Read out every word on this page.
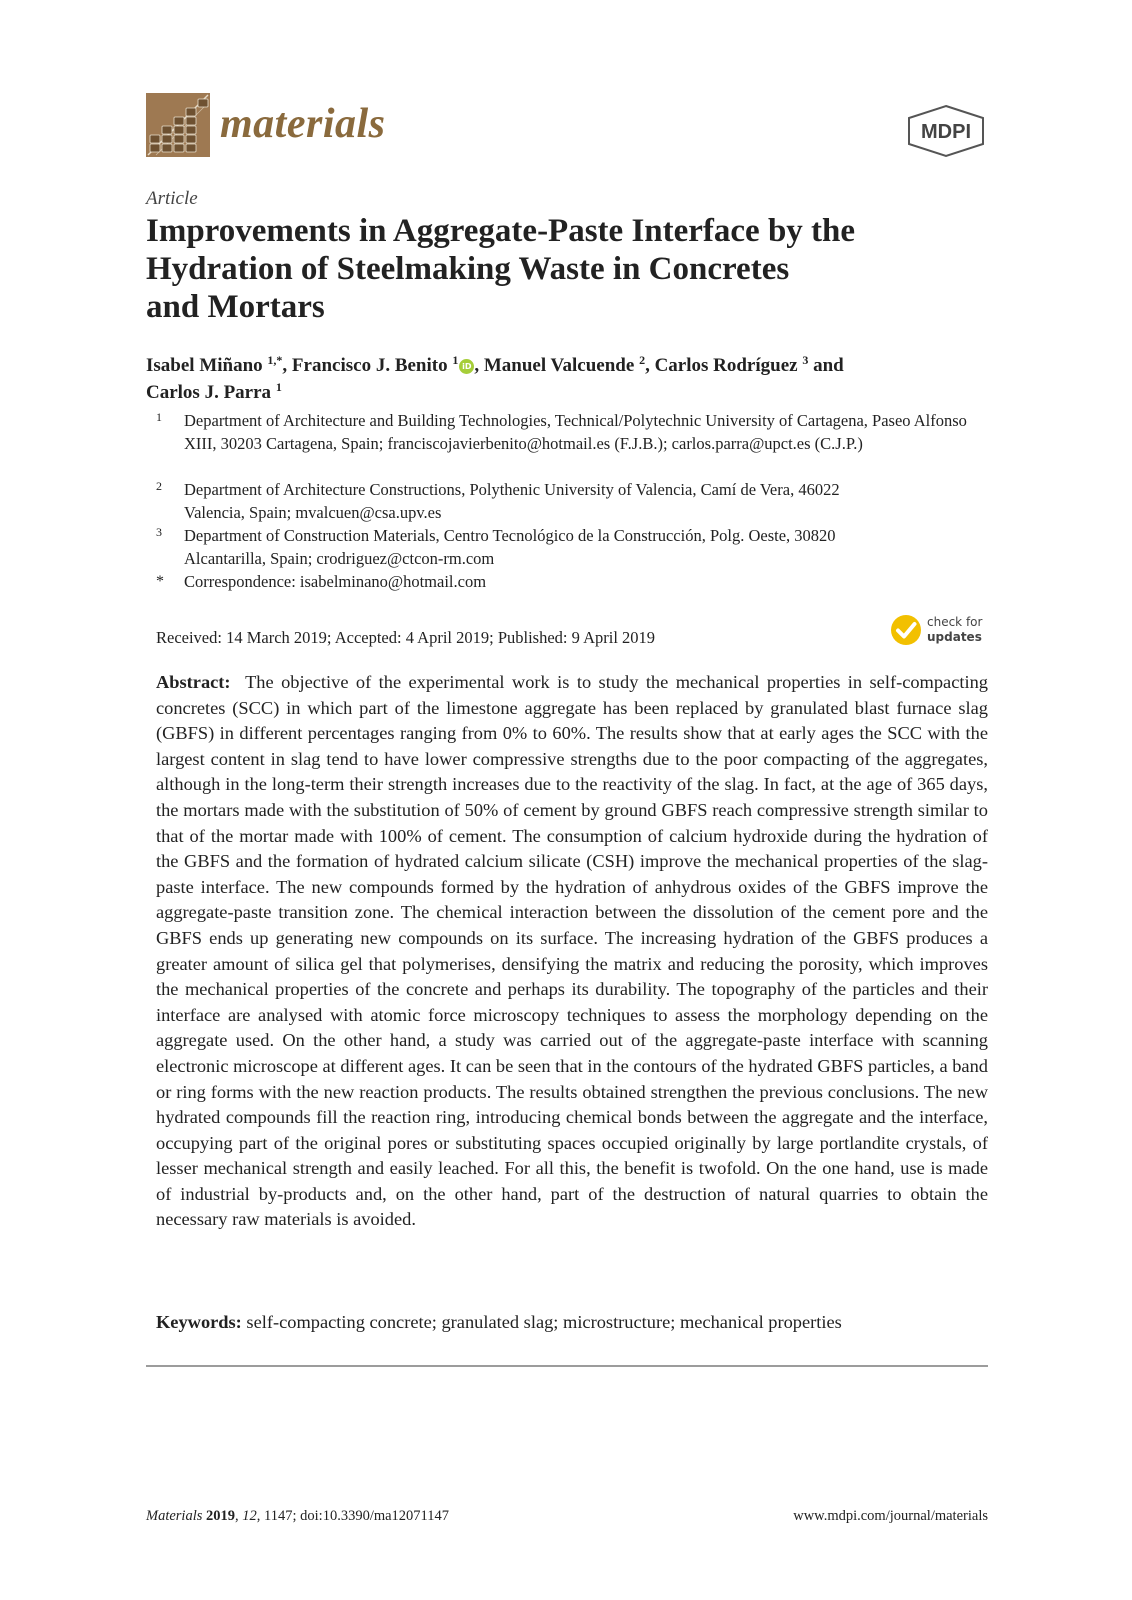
materials	MDPI
Article
Improvements in Aggregate-Paste Interface by the
Hydration of Steelmaking Waste in Concretes
and Mortars
Isabel Miñano $^{1,*}$, Francisco J. Benito $^1$ iD , Manuel Valcuende $^2$, Carlos Rodríguez $^3$ and
Carlos J. Parra $^1$
1 Department of Architecture and Building Technologies, Technical/Polytechnic University of Cartagena, Paseo Alfonso XIII, 30203 Cartagena, Spain; franciscojavierbenito@hotmail.es (F.J.B.); carlos.parra@upct.es (C.J.P.)
2 Department of Architecture Constructions, Polythenic University of Valencia, Camí de Vera, 46022 Valencia, Spain; mvalcuen@csa.upv.es
3 Department of Construction Materials, Centro Tecnológico de la Construcción, Polg. Oeste, 30820 Alcantarilla, Spain; crodriguez@ctcon-rm.com
* Correspondence: isabelminano@hotmail.com
Received: 14 March 2019; Accepted: 4 April 2019; Published: 9 April 2019
check for
updates
Abstract: The objective of the experimental work is to study the mechanical properties in self-compacting concretes (SCC) in which part of the limestone aggregate has been replaced by granulated blast furnace slag (GBFS) in different percentages ranging from 0% to 60%. The results show that at early ages the SCC with the largest content in slag tend to have lower compressive strengths due to the poor compacting of the aggregates, although in the long-term their strength increases due to the reactivity of the slag. In fact, at the age of 365 days, the mortars made with the substitution of 50% of cement by ground GBFS reach compressive strength similar to that of the mortar made with 100% of cement. The consumption of calcium hydroxide during the hydration of the GBFS and the formation of hydrated calcium silicate (CSH) improve the mechanical properties of the slag-paste interface. The new compounds formed by the hydration of anhydrous oxides of the GBFS improve the aggregate-paste transition zone. The chemical interaction between the dissolution of the cement pore and the GBFS ends up generating new compounds on its surface. The increasing hydration of the GBFS produces a greater amount of silica gel that polymerises, densifying the matrix and reducing the porosity, which improves the mechanical properties of the concrete and perhaps its durability. The topography of the particles and their interface are analysed with atomic force microscopy techniques to assess the morphology depending on the aggregate used. On the other hand, a study was carried out of the aggregate-paste interface with scanning electronic microscope at different ages. It can be seen that in the contours of the hydrated GBFS particles, a band or ring forms with the new reaction products. The results obtained strengthen the previous conclusions. The new hydrated compounds fill the reaction ring, introducing chemical bonds between the aggregate and the interface, occupying part of the original pores or substituting spaces occupied originally by large portlandite crystals, of lesser mechanical strength and easily leached. For all this, the benefit is twofold. On the one hand, use is made of industrial by-products and, on the other hand, part of the destruction of natural quarries to obtain the necessary raw materials is avoided.
Keywords: self-compacting concrete; granulated slag; microstructure; mechanical properties
Materials 2019, 12, 1147; doi:10.3390/ma12071147	www.mdpi.com/journal/materials
